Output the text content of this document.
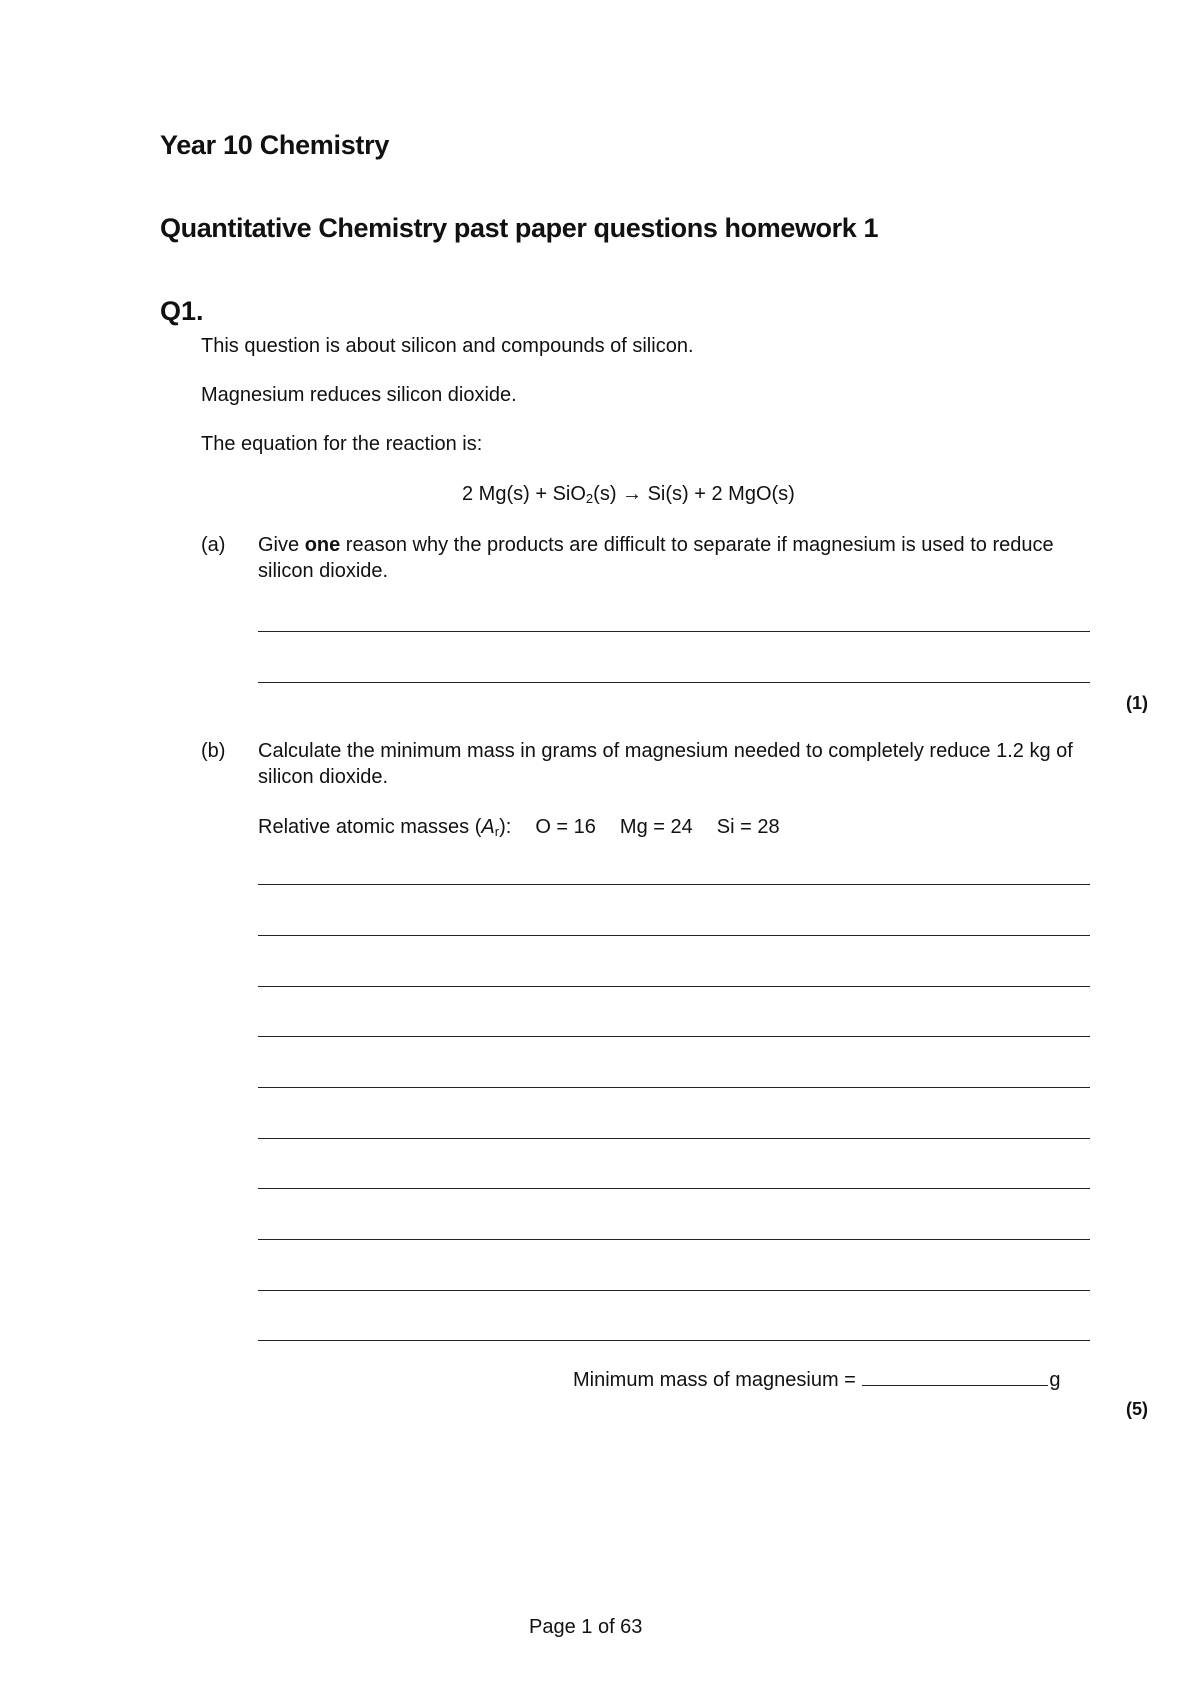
Year 10 Chemistry
Quantitative Chemistry past paper questions homework 1
Q1.
This question is about silicon and compounds of silicon.
Magnesium reduces silicon dioxide.
The equation for the reaction is:
2 Mg(s) + SiO$_2$(s) → Si(s) + 2 MgO(s)
(a) Give one reason why the products are difficult to separate if magnesium is used to reduce silicon dioxide.
(1)
(b) Calculate the minimum mass in grams of magnesium needed to completely reduce 1.2 kg of silicon dioxide.
Relative atomic masses $(A_r)$: O = 16 Mg = 24 Si = 28
Minimum mass of magnesium =	g
(5)
Page 1 of 63
